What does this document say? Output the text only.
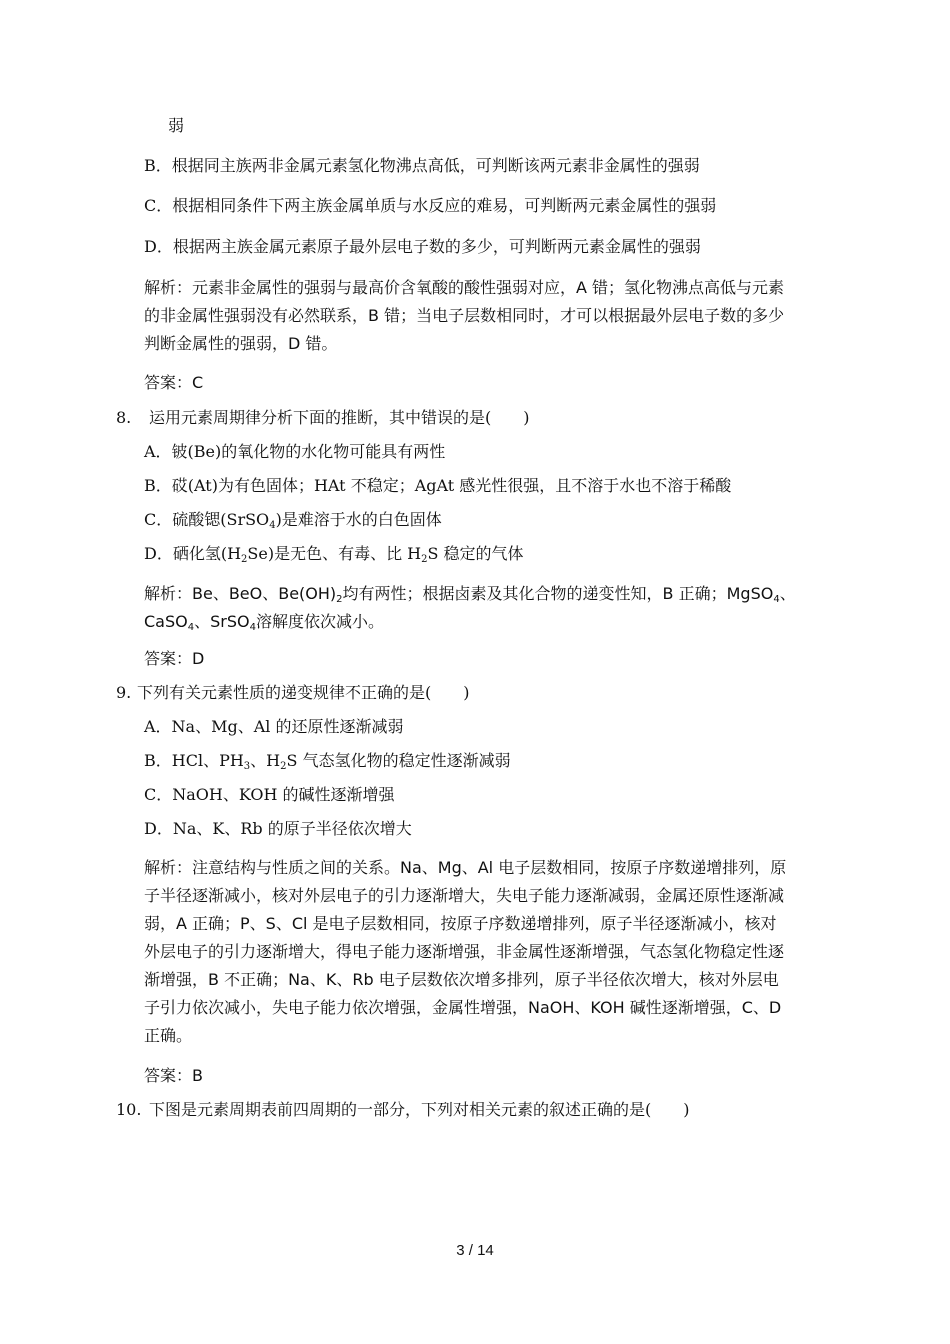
弱
B．根据同主族两非金属元素氢化物沸点高低，可判断该两元素非金属性的强弱
C．根据相同条件下两主族金属单质与水反应的难易，可判断两元素金属性的强弱
D．根据两主族金属元素原子最外层电子数的多少，可判断两元素金属性的强弱
解析：元素非金属性的强弱与最高价含氧酸的酸性强弱对应，A 错；氢化物沸点高低与元素
的非金属性强弱没有必然联系，B 错；当电子层数相同时，才可以根据最外层电子数的多少
判断金属性的强弱，D 错。
答案：C
8. 运用元素周期律分析下面的推断，其中错误的是(　　)
A．铍(Be)的氧化物的水化物可能具有两性
B．砹(At)为有色固体；HAt 不稳定；AgAt 感光性很强，且不溶于水也不溶于稀酸
C．硫酸锶(SrSO$_4$)是难溶于水的白色固体
D．硒化氢$(H_2Se)$是无色、有毒、比 $H_2S$ 稳定的气体
解析：Be、BeO、$Be(OH)_2$均有两性；根据卤素及其化合物的递变性知，B 正确；MgSO$_4$、
CaSO$_4$、SrSO$_4$溶解度依次减小。
答案：D
9. 下列有关元素性质的递变规律不正确的是(　　)
A．Na、Mg、Al 的还原性逐渐减弱
B．HCl、$PH_3$、$H_2S$ 气态氢化物的稳定性逐渐减弱
C．NaOH、KOH 的碱性逐渐增强
D．Na、K、Rb 的原子半径依次增大
解析：注意结构与性质之间的关系。Na、Mg、Al 电子层数相同，按原子序数递增排列，原
子半径逐渐减小，核对外层电子的引力逐渐增大，失电子能力逐渐减弱，金属还原性逐渐减
弱，A 正确；P、S、Cl 是电子层数相同，按原子序数递增排列，原子半径逐渐减小，核对
外层电子的引力逐渐增大，得电子能力逐渐增强，非金属性逐渐增强，气态氢化物稳定性逐
渐增强，B 不正确；Na、K、Rb 电子层数依次增多排列，原子半径依次增大，核对外层电
子引力依次减小，失电子能力依次增强，金属性增强，NaOH、KOH 碱性逐渐增强，C、D
正确。
答案：B
10. 下图是元素周期表前四周期的一部分，下列对相关元素的叙述正确的是(　　)
3 / 14
